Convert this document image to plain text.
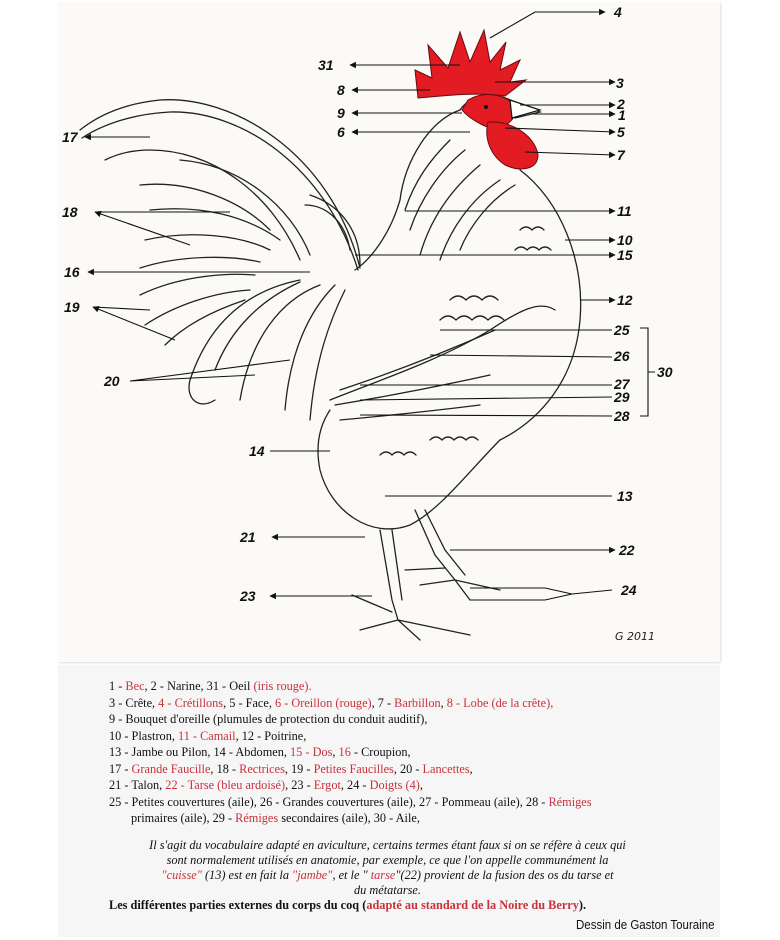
4
31
3
8
2
1
9
5
6
7
17
18	11
10
15
16
12
19
25
26
30
20	27
29
28
14
13
21
22
24
23
G 2011
1 - Bec, 2 - Narine, 31 - Oeil (iris rouge).
3 - Crête, 4 - Crétillons, 5 - Face, 6 - Oreillon (rouge), 7 - Barbillon, 8 - Lobe (de la crête),
9 - Bouquet d'oreille (plumules de protection du conduit auditif),
10 - Plastron, 11 - Camail, 12 - Poitrine,
13 - Jambe ou Pilon, 14 - Abdomen, 15 - Dos, 16 - Croupion,
17 - Grande Faucille, 18 - Rectrices, 19 - Petites Faucilles, 20 - Lancettes,
21 - Talon, 22 - Tarse (bleu ardoisé), 23 - Ergot, 24 - Doigts (4),
25 - Petites couvertures (aile), 26 - Grandes couvertures (aile), 27 - Pommeau (aile), 28 - Rémiges
primaires (aile), 29 - Rémiges secondaires (aile), 30 - Aile,
Il s'agit du vocabulaire adapté en aviculture, certains termes étant faux si on se réfère à ceux qui
sont normalement utilisés en anatomie, par exemple, ce que l'on appelle communément la
"cuisse" (13) est en fait la "jambe", et le " tarse"(22) provient de la fusion des os du tarse et
du métatarse.
Les différentes parties externes du corps du coq (adapté au standard de la Noire du Berry).
Dessin de Gaston Touraine
